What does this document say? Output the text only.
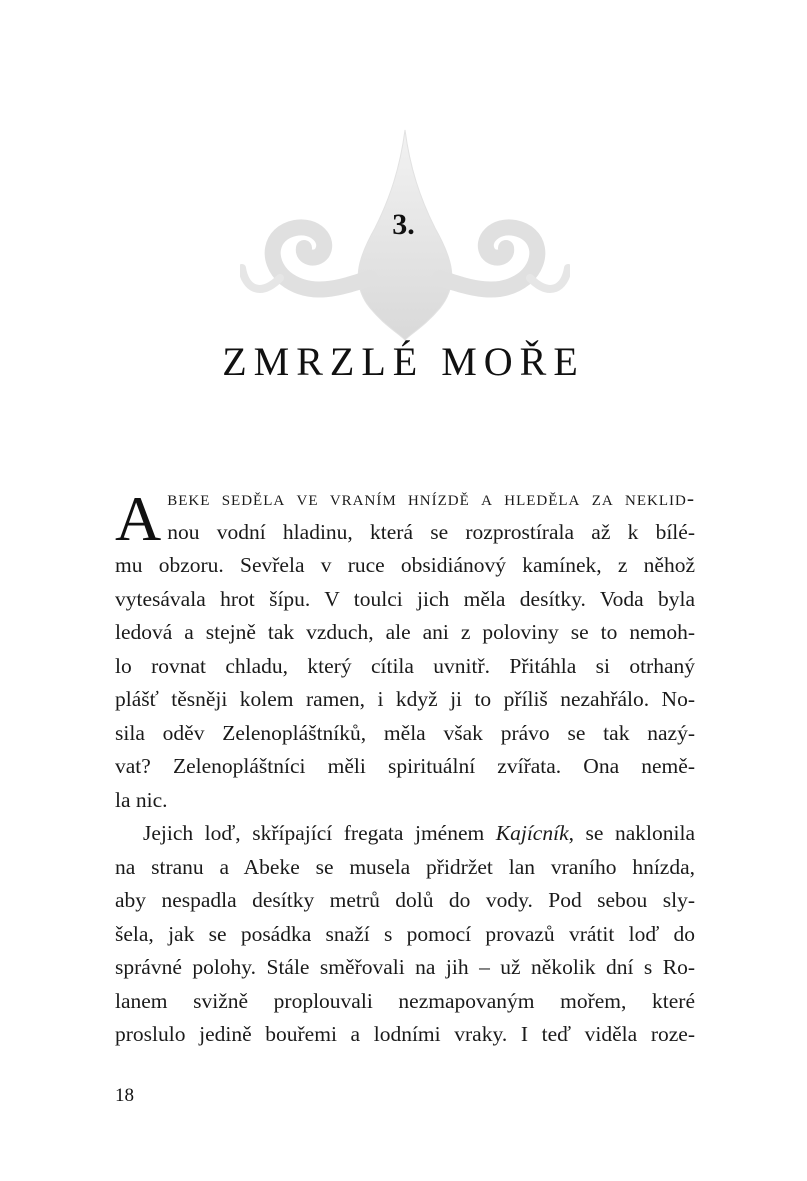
3.
ZMRZLÉ MOŘE
A beke seděla ve vraním hnízdě a hleděla za neklid-
nou vodní hladinu, která se rozprostírala až k bílé-
mu obzoru. Sevřela v ruce obsidiánový kamínek, z něhož
vytesávala hrot šípu. V toulci jich měla desítky. Voda byla
ledová a stejně tak vzduch, ale ani z poloviny se to nemoh-
lo rovnat chladu, který cítila uvnitř. Přitáhla si otrhaný
plášť těsněji kolem ramen, i když ji to příliš nezahřálo. No-
sila oděv Zelenopláštníků, měla však právo se tak nazý-
vat? Zelenopláštníci měli spirituální zvířata. Ona nemě-
la nic.
Jejich loď, skřípající fregata jménem Kajícník, se naklonila
na stranu a Abeke se musela přidržet lan vraního hnízda,
aby nespadla desítky metrů dolů do vody. Pod sebou sly-
šela, jak se posádka snaží s pomocí provazů vrátit loď do
správné polohy. Stále směřovali na jih – už několik dní s Ro-
lanem svižně proplouvali nezmapovaným mořem, které
proslulo jedině bouřemi a lodními vraky. I teď viděla roze-
18
